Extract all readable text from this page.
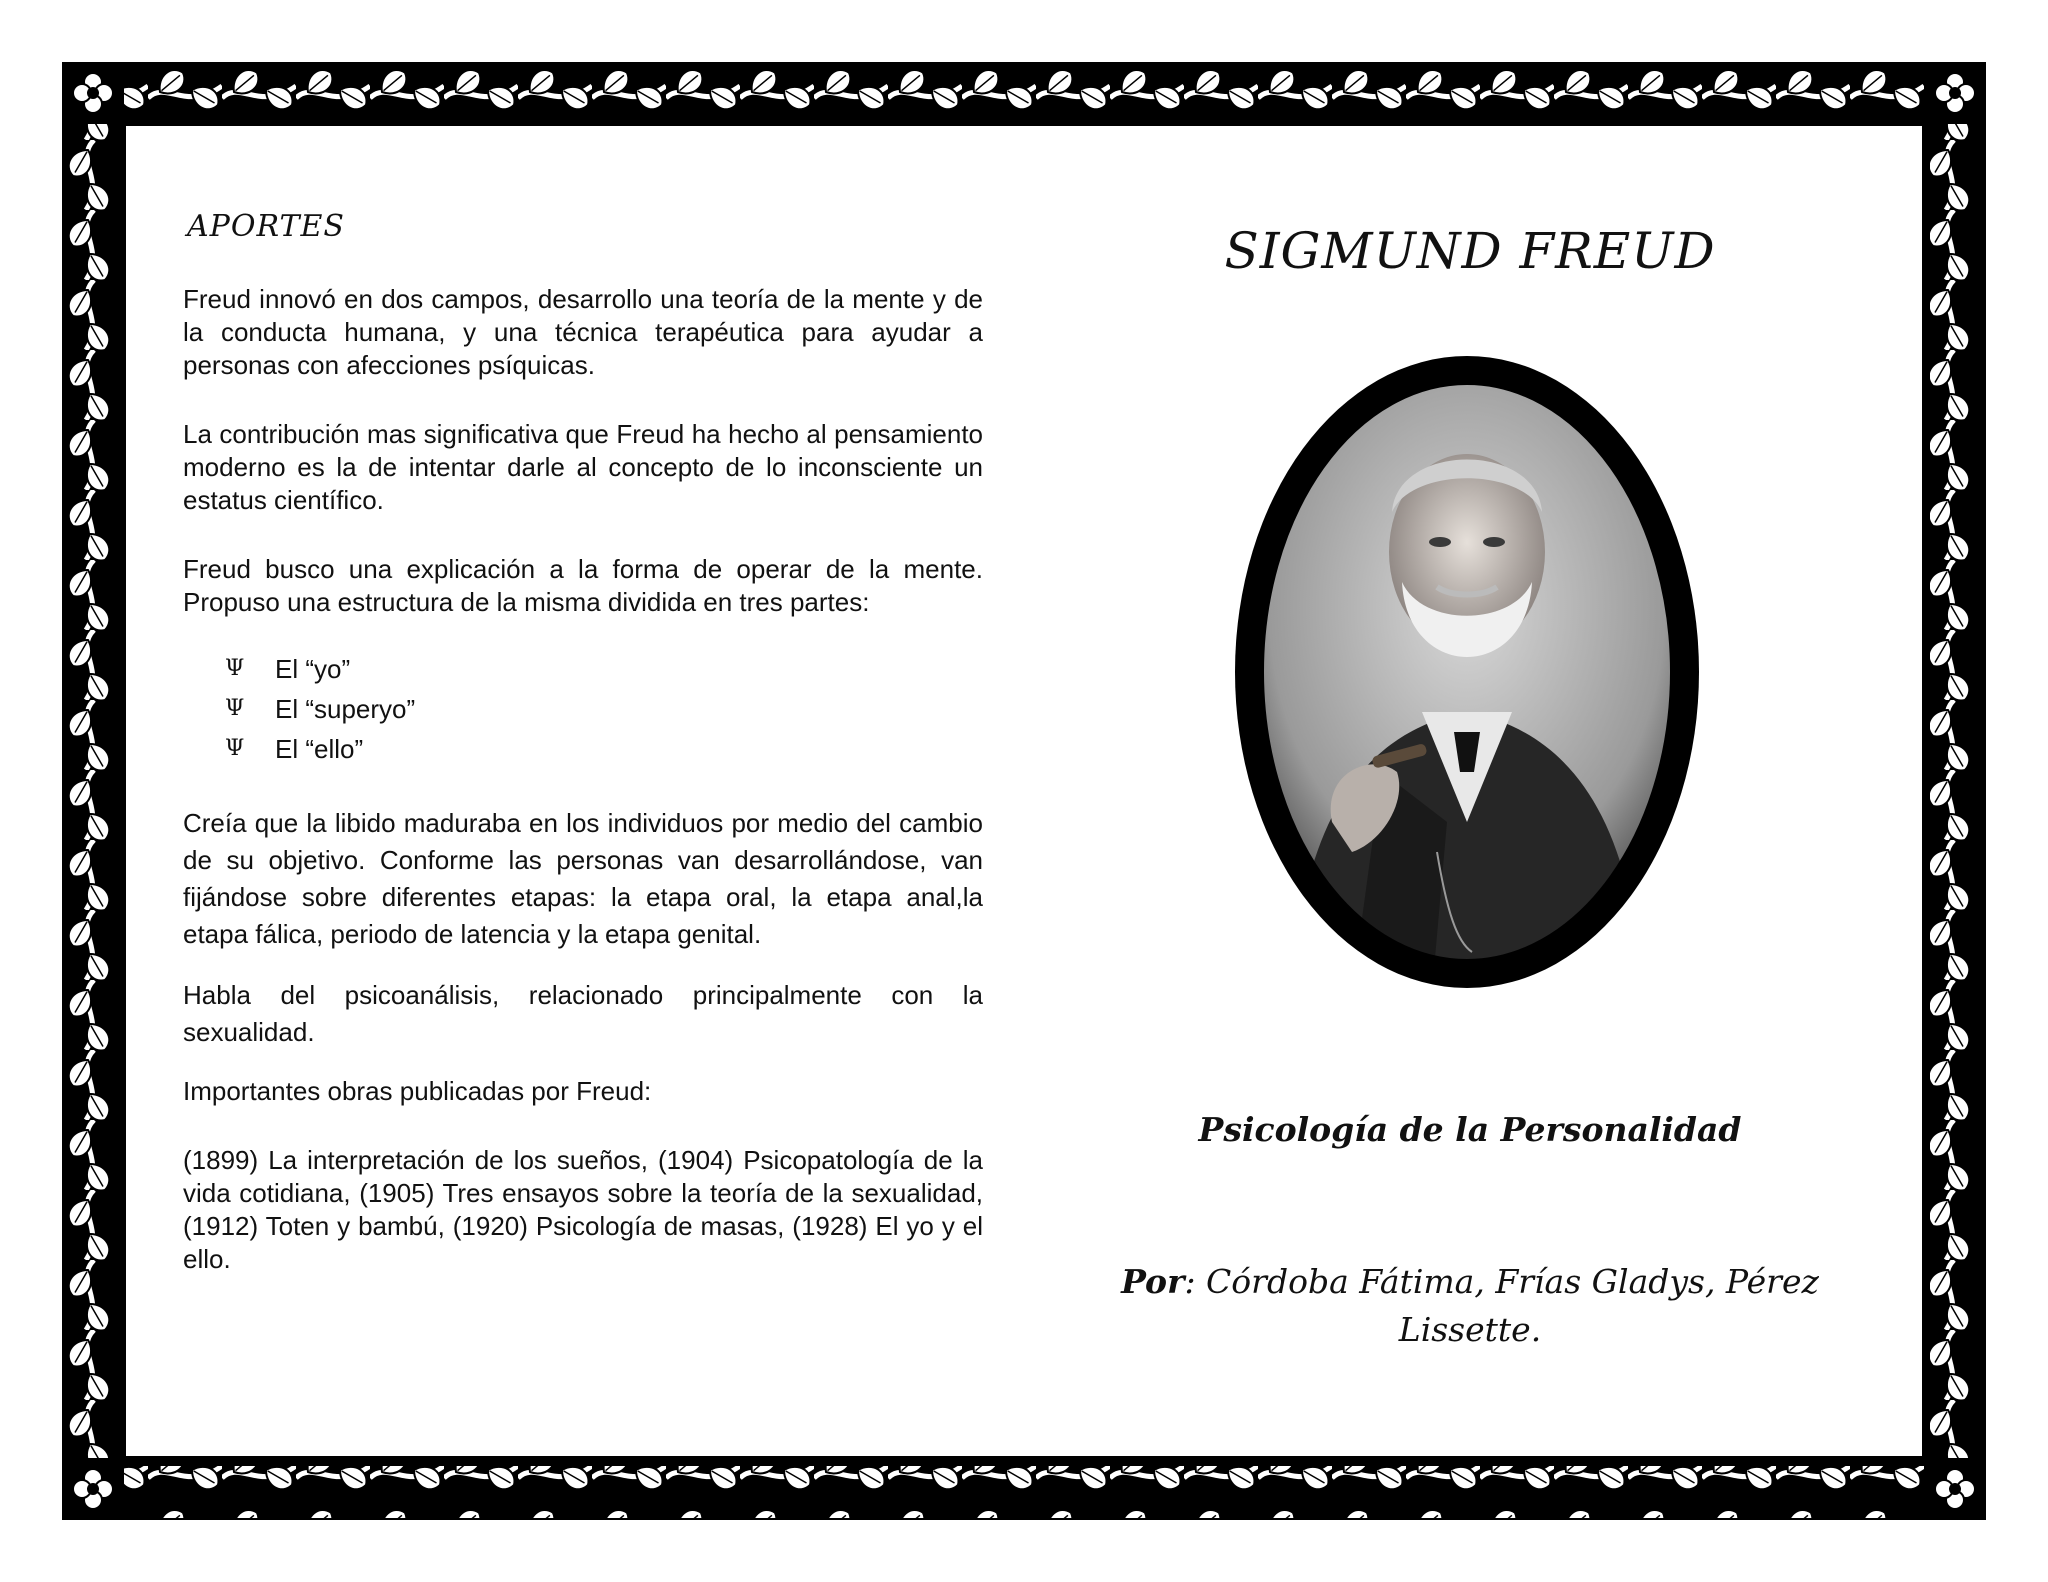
APORTES

Freud innovó en dos campos, desarrollo una teoría de la mente y de la conducta humana, y una técnica terapéutica para ayudar a personas con afecciones psíquicas.

La contribución mas significativa que Freud ha hecho al pensamiento moderno es la de intentar darle al concepto de lo inconsciente un estatus científico.

Freud busco una explicación a la forma de operar de la mente. Propuso una estructura de la misma dividida en tres partes:

Ψ	El “yo”
Ψ	El “superyo”
Ψ	El “ello”

Creía que la libido maduraba en los individuos por medio del cambio de su objetivo. Conforme las personas van desarrollándose, van fijándose sobre diferentes etapas: la etapa oral, la etapa anal,la etapa fálica, periodo de latencia y la etapa genital.

Habla del psicoanálisis, relacionado principalmente con la sexualidad.

Importantes obras publicadas por Freud:

(1899) La interpretación de los sueños, (1904) Psicopatología de la vida cotidiana, (1905) Tres ensayos sobre la teoría de la sexualidad, (1912) Toten y bambú, (1920) Psicología de masas, (1928) El yo y el ello.

SIGMUND FREUD
Psicología de la Personalidad

Por: Córdoba Fátima, Frías Gladys, Pérez Lissette.
